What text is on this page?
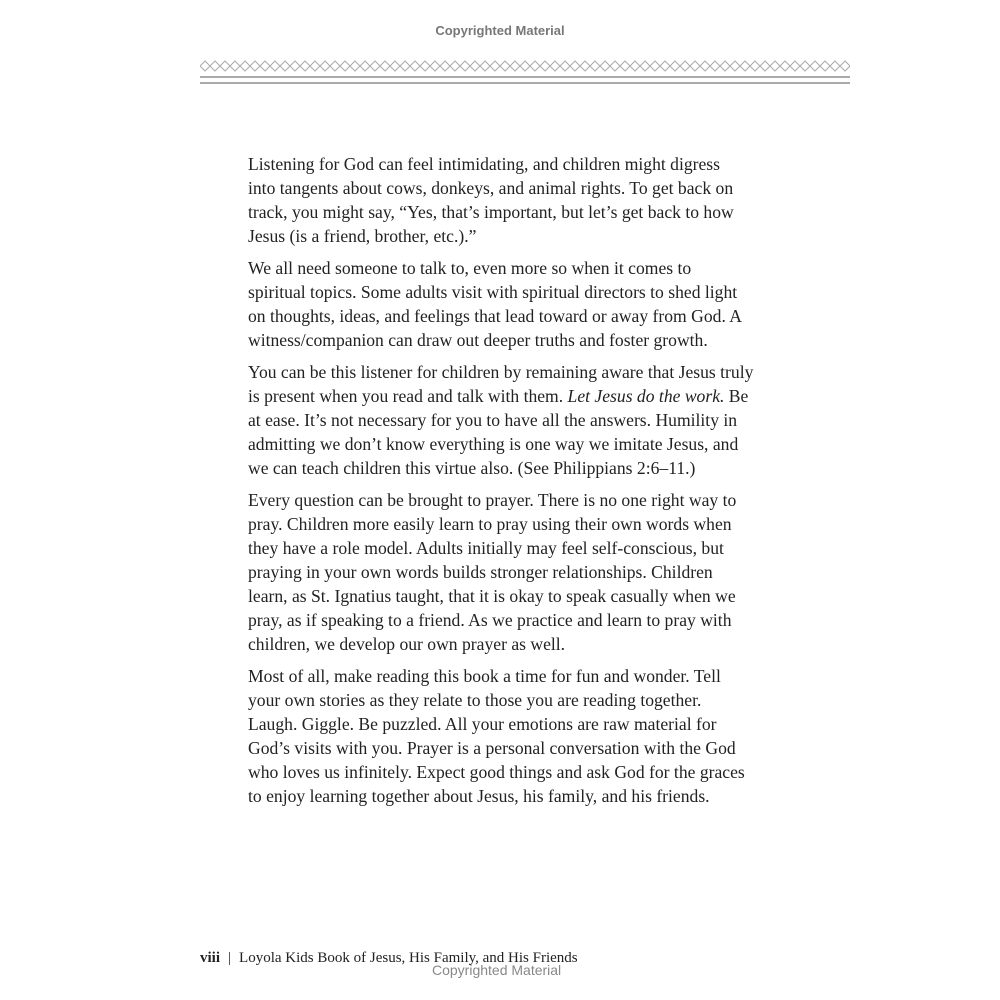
Copyrighted Material
Listening for God can feel intimidating, and children might digress
into tangents about cows, donkeys, and animal rights. To get back on
track, you might say, “Yes, that’s important, but let’s get back to how
Jesus (is a friend, brother, etc.).”
We all need someone to talk to, even more so when it comes to
spiritual topics. Some adults visit with spiritual directors to shed light
on thoughts, ideas, and feelings that lead toward or away from God. A
witness/companion can draw out deeper truths and foster growth.
You can be this listener for children by remaining aware that Jesus truly
is present when you read and talk with them. Let Jesus do the work. Be
at ease. It’s not necessary for you to have all the answers. Humility in
admitting we don’t know everything is one way we imitate Jesus, and
we can teach children this virtue also. (See Philippians 2:6–11.)
Every question can be brought to prayer. There is no one right way to
pray. Children more easily learn to pray using their own words when
they have a role model. Adults initially may feel self-conscious, but
praying in your own words builds stronger relationships. Children
learn, as St. Ignatius taught, that it is okay to speak casually when we
pray, as if speaking to a friend. As we practice and learn to pray with
children, we develop our own prayer as well.
Most of all, make reading this book a time for fun and wonder. Tell
your own stories as they relate to those you are reading together.
Laugh. Giggle. Be puzzled. All your emotions are raw material for
God’s visits with you. Prayer is a personal conversation with the God
who loves us infinitely. Expect good things and ask God for the graces
to enjoy learning together about Jesus, his family, and his friends.
viii | Loyola Kids Book of Jesus, His Family, and His Friends
Copyrighted Material
